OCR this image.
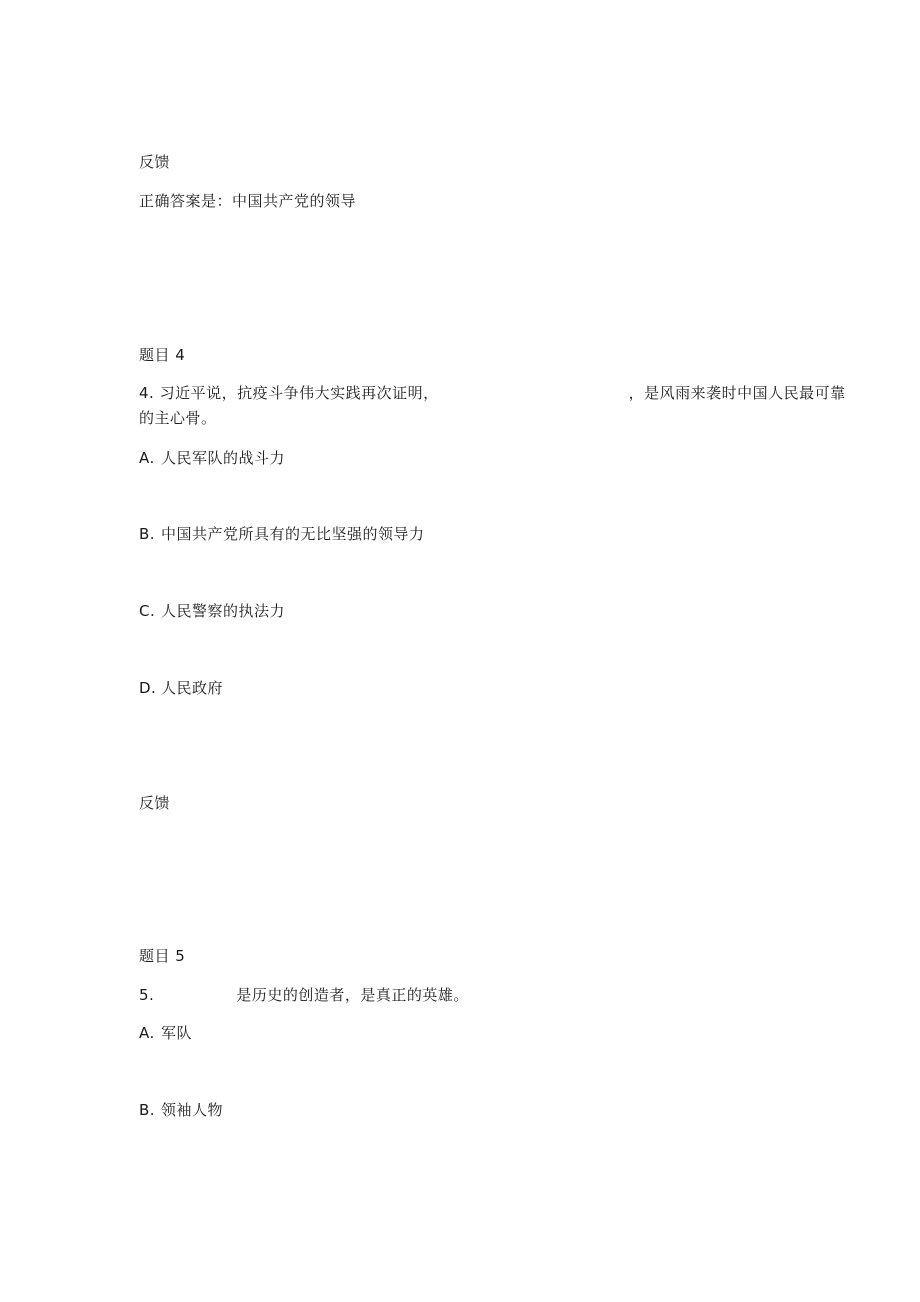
反馈
正确答案是：中国共产党的领导
题目 4
4. 习近平说，抗疫斗争伟大实践再次证明，	，是风雨来袭时中国人民最可靠
的主心骨。
A. 人民军队的战斗力
B. 中国共产党所具有的无比坚强的领导力
C. 人民警察的执法力
D. 人民政府
反馈
题目 5
5.	是历史的创造者，是真正的英雄。
A. 军队
B. 领袖人物
